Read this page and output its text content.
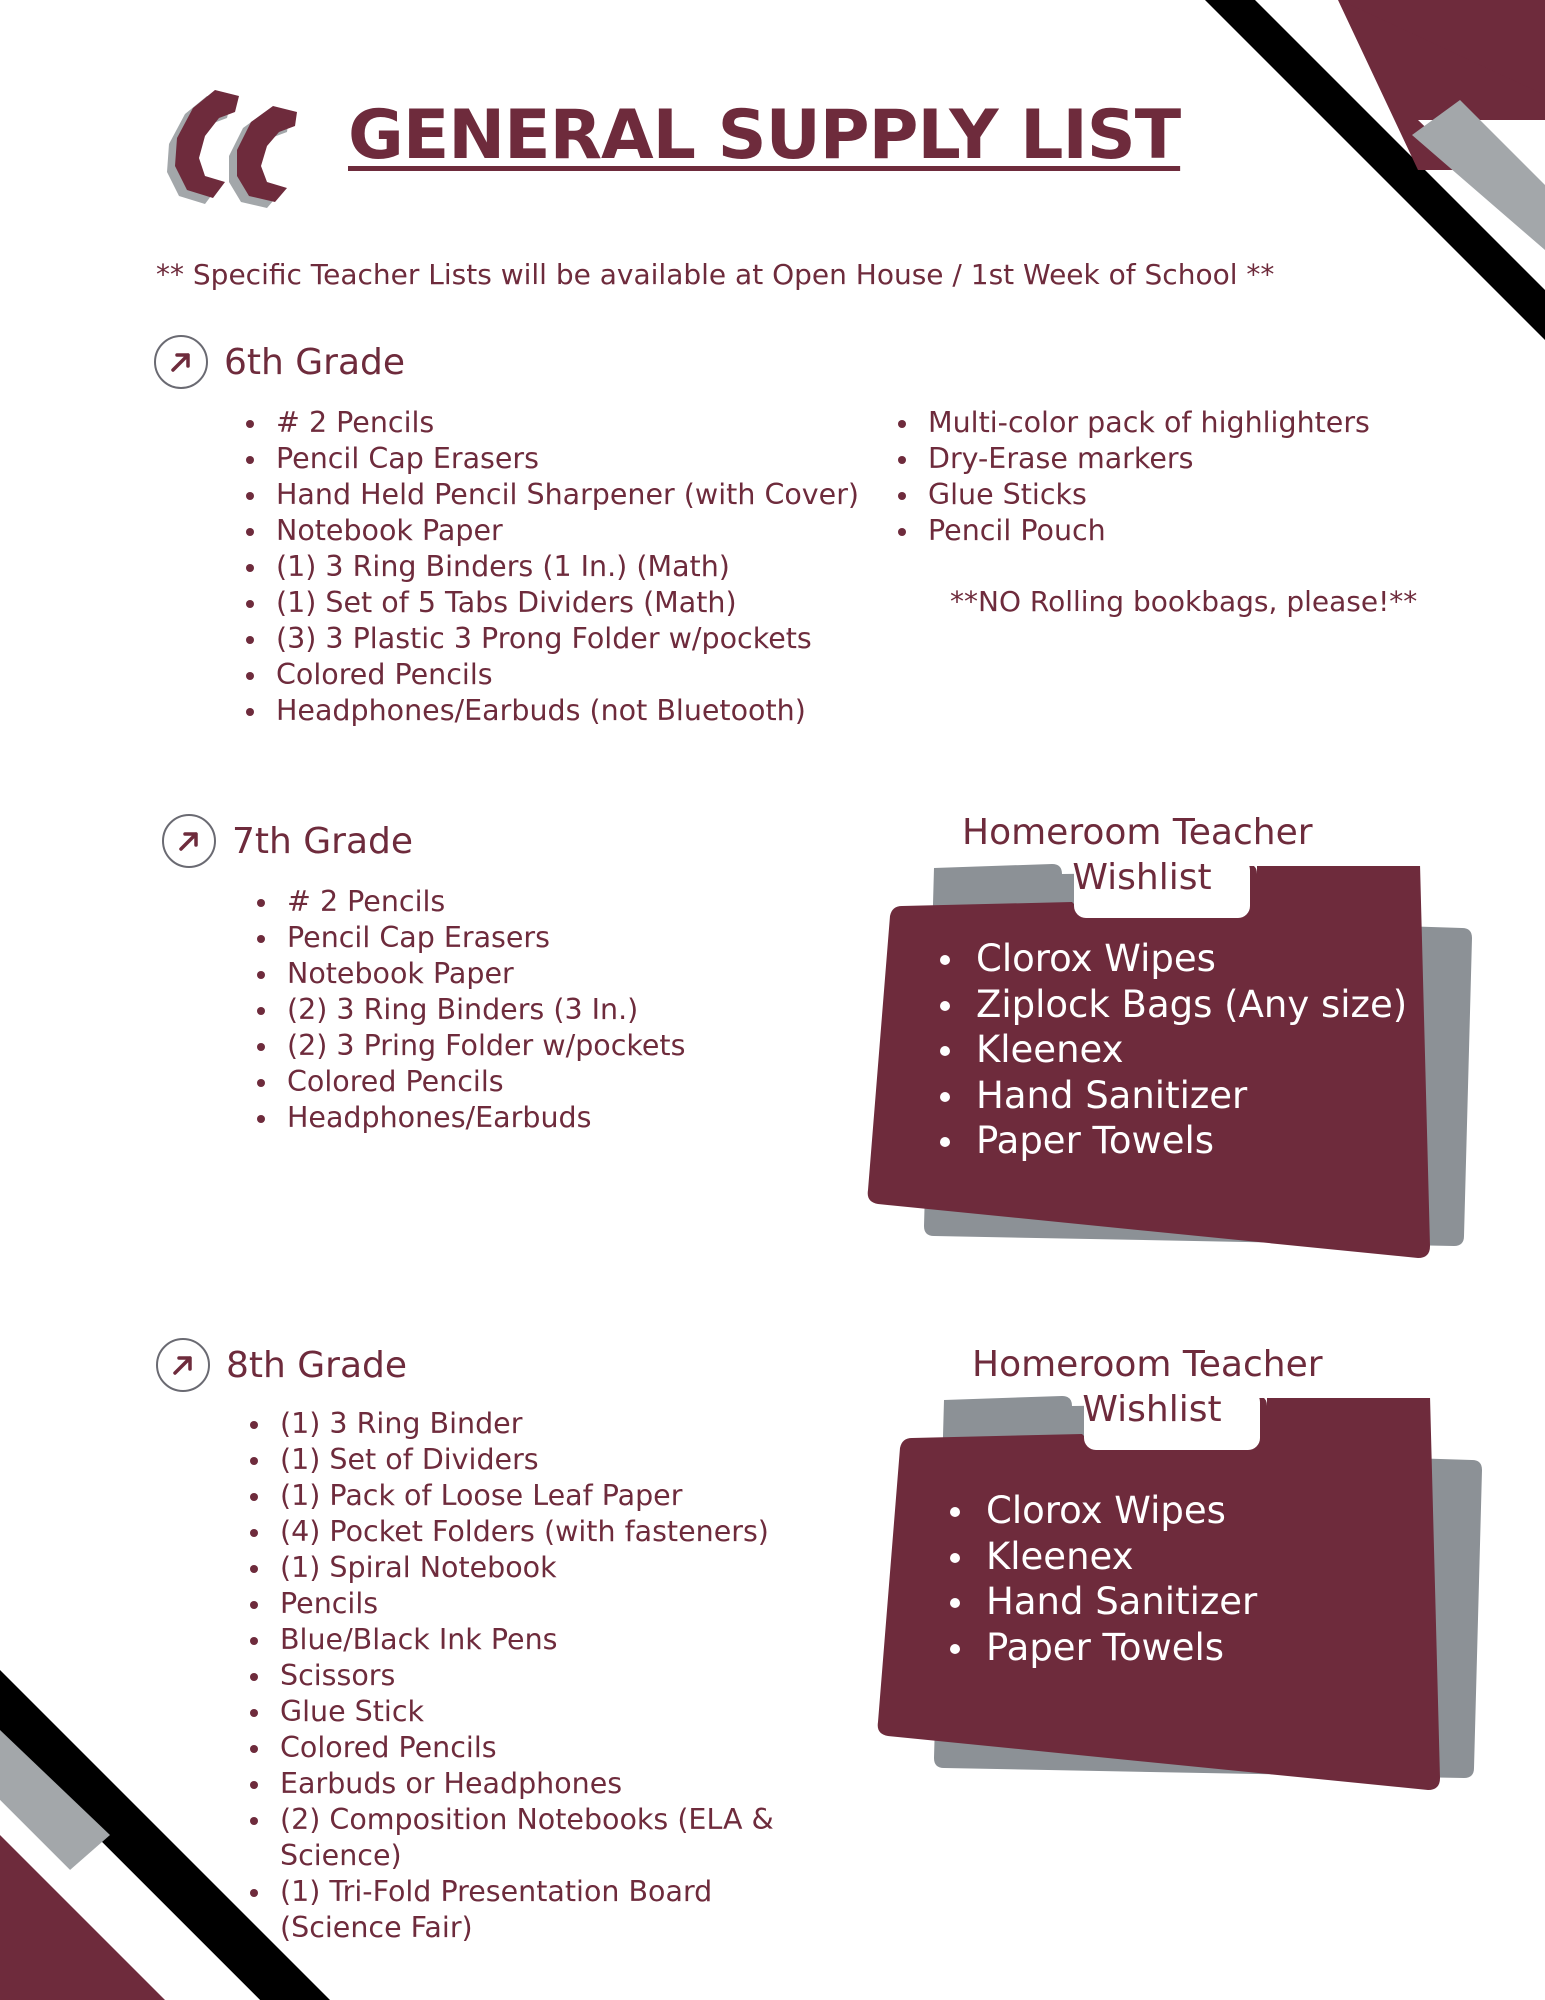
GENERAL SUPPLY LIST
** Specific Teacher Lists will be available at Open House / 1st Week of School **
6th Grade
# 2 Pencils
Pencil Cap Erasers
Hand Held Pencil Sharpener (with Cover)
Notebook Paper
(1) 3 Ring Binders (1 In.) (Math)
(1) Set of 5 Tabs Dividers (Math)
(3) 3 Plastic 3 Prong Folder w/pockets
Colored Pencils
Headphones/Earbuds (not Bluetooth)
Multi-color pack of highlighters
Dry-Erase markers
Glue Sticks
Pencil Pouch
**NO Rolling bookbags, please!**
7th Grade
# 2 Pencils
Pencil Cap Erasers
Notebook Paper
(2) 3 Ring Binders (3 In.)
(2) 3 Pring Folder w/pockets
Colored Pencils
Headphones/Earbuds
Homeroom Teacher
Wishlist
Clorox Wipes
Ziplock Bags (Any size)
Kleenex
Hand Sanitizer
Paper Towels
8th Grade
(1) 3 Ring Binder
(1) Set of Dividers
(1) Pack of Loose Leaf Paper
(4) Pocket Folders (with fasteners)
(1) Spiral Notebook
Pencils
Blue/Black Ink Pens
Scissors
Glue Stick
Colored Pencils
Earbuds or Headphones
(2) Composition Notebooks (ELA & Science)
(1) Tri-Fold Presentation Board (Science Fair)
Homeroom Teacher
Wishlist
Clorox Wipes
Kleenex
Hand Sanitizer
Paper Towels
